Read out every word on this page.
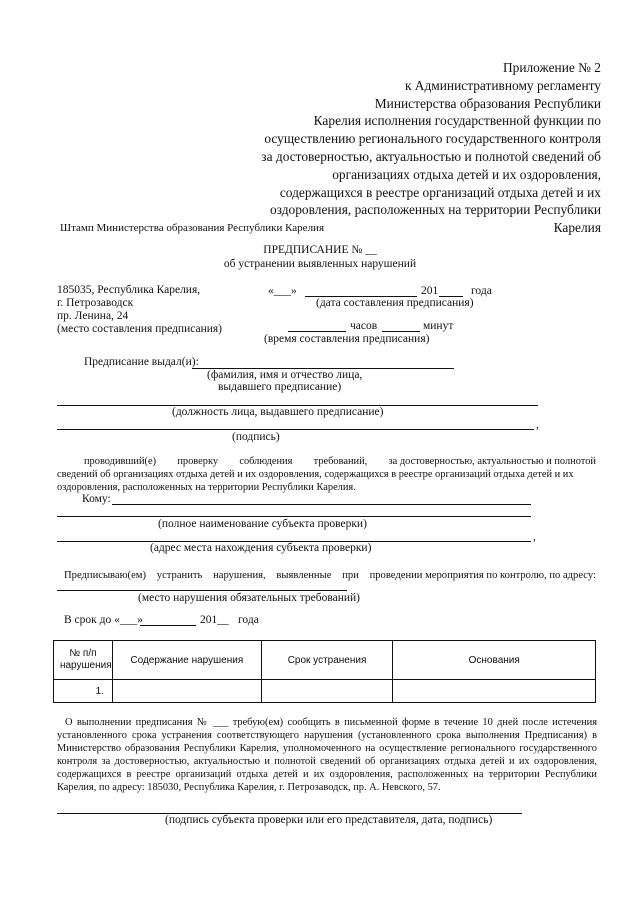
Приложение № 2
к Административному регламенту
Министерства образования Республики
Карелия исполнения государственной функции по
осуществлению регионального государственного контроля
за достоверностью, актуальностью и полнотой сведений об
организациях отдыха детей и их оздоровления,
содержащихся в реестре организаций отдыха детей и их
оздоровления, расположенных на территории Республики
Карелия
Штамп Министерства образования Республики Карелия
ПРЕДПИСАНИЕ № __
об устранении выявленных нарушений
185035, Республика Карелия,
г. Петрозаводск
пр. Ленина, 24
(место составления предписания)
«___»	201	года
(дата составления предписания)
часов	минут
(время составления предписания)
Предписание выдал(и):
(фамилия, имя и отчество лица,
выдавшего предписание)
(должность лица, выдавшего предписание)
,
(подпись)
проводивший(е) проверку соблюдения требований, за достоверностью, актуальностью и полнотой
сведений об организациях отдыха детей и их оздоровления, содержащихся в реестре организаций отдыха детей и их
оздоровления, расположенных на территории Республики Карелия.
Кому:
(полное наименование субъекта проверки)
,
(адрес места нахождения субъекта проверки)
Предписываю(ем) устранить нарушения, выявленные при проведении мероприятия по контролю, по адресу:
(место нарушения обязательных требований)
В срок до «___»	201__ года
№ п/п нарушения	Содержание нарушения	Срок устранения	Основания
1.			
О выполнении предписания № ___ требую(ем) сообщить в письменной форме в течение 10 дней после истечения установленного срока устранения соответствующего нарушения (установленного срока выполнения Предписания) в Министерство образования Республики Карелия, уполномоченного на осуществление регионального государственного контроля за достоверностью, актуальностью и полнотой сведений об организациях отдыха детей и их оздоровления, содержащихся в реестре организаций отдыха детей и их оздоровления, расположенных на территории Республики Карелия, по адресу: 185030, Республика Карелия, г. Петрозаводск, пр. А. Невского, 57.
(подпись субъекта проверки или его представителя, дата, подпись)
